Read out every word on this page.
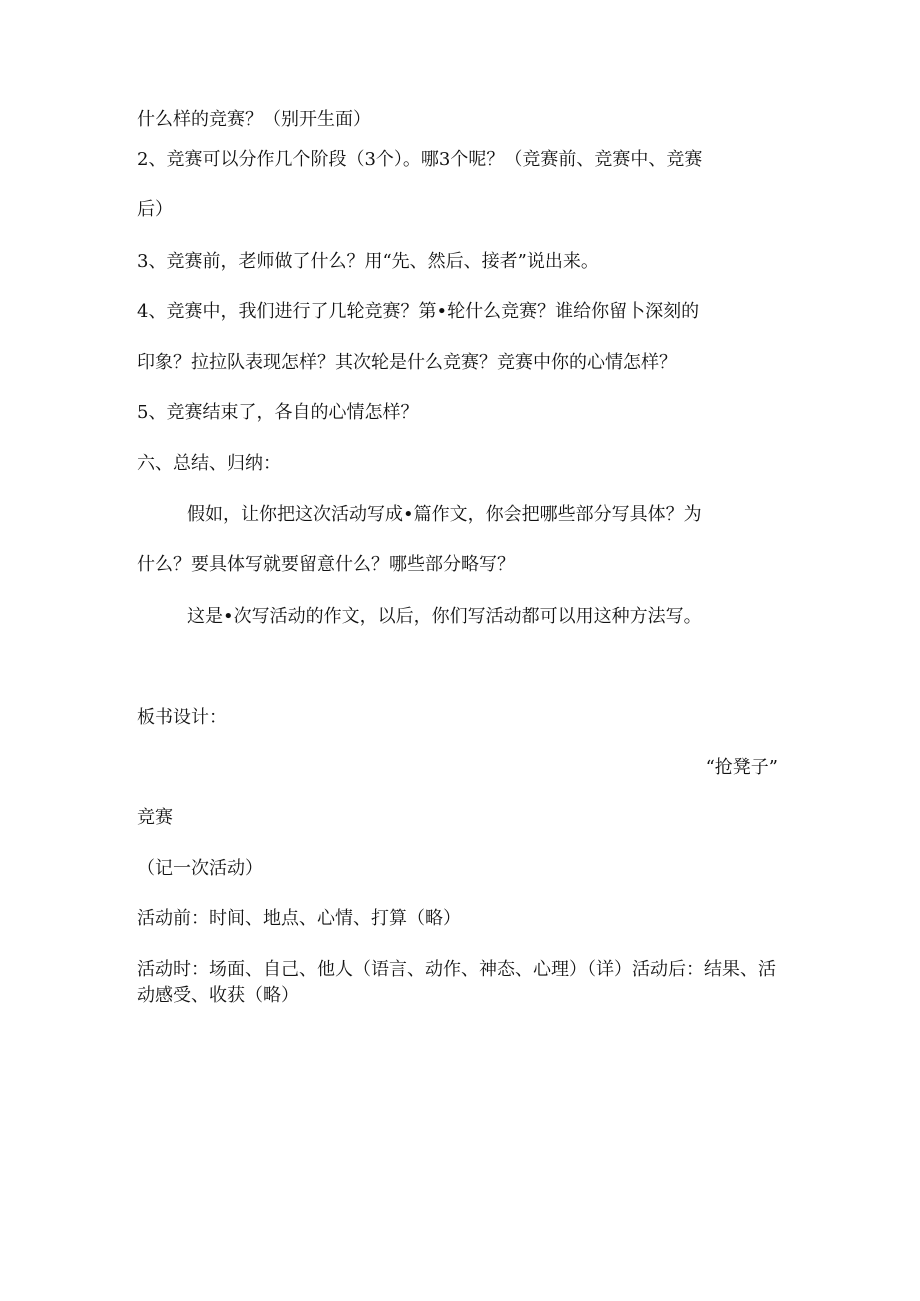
什么样的竞赛？（别开生面）
2、竞赛可以分作几个阶段（3个）。哪3个呢？（竞赛前、竞赛中、竞赛
后）
3、竞赛前，老师做了什么？用“先、然后、接者”说出来。
4、竞赛中，我们进行了几轮竞赛？第•轮什么竞赛？谁给你留卜深刻的
印象？拉拉队表现怎样？其次轮是什么竞赛？竞赛中你的心情怎样？
5、竞赛结束了，各自的心情怎样？
六、总结、归纳：
假如，让你把这次活动写成•篇作文，你会把哪些部分写具体？为
什么？要具体写就要留意什么？哪些部分略写？
这是•次写活动的作文，以后，你们写活动都可以用这种方法写。
板书设计：
“抢凳子”
竞赛
（记一次活动）
活动前：时间、地点、心情、打算（略）
活动时：场面、自己、他人（语言、动作、神态、心理）（详）活动后：结果、活动感受、收获（略）
